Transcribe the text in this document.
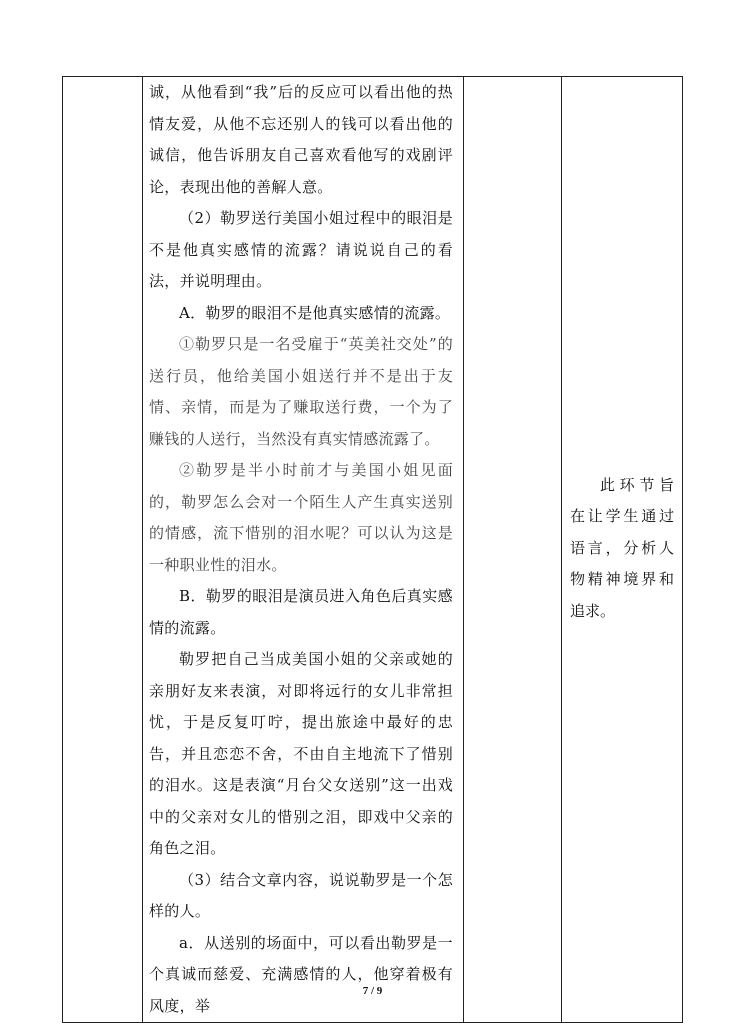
诚，从他看到“我”后的反应可以看出他的热情友爱，从他不忘还别人的钱可以看出他的诚信，他告诉朋友自己喜欢看他写的戏剧评论，表现出他的善解人意。

（2）勒罗送行美国小姐过程中的眼泪是不是他真实感情的流露？请说说自己的看法，并说明理由。

A．勒罗的眼泪不是他真实感情的流露。

①勒罗只是一名受雇于“英美社交处”的送行员，他给美国小姐送行并不是出于友情、亲情，而是为了赚取送行费，一个为了赚钱的人送行，当然没有真实情感流露了。

②勒罗是半小时前才与美国小姐见面的，勒罗怎么会对一个陌生人产生真实送别的情感，流下惜别的泪水呢？可以认为这是一种职业性的泪水。

B．勒罗的眼泪是演员进入角色后真实感情的流露。

勒罗把自己当成美国小姐的父亲或她的亲朋好友来表演，对即将远行的女儿非常担忧，于是反复叮咛，提出旅途中最好的忠告，并且恋恋不舍，不由自主地流下了惜别的泪水。这是表演“月台父女送别”这一出戏中的父亲对女儿的惜别之泪，即戏中父亲的角色之泪。

（3）结合文章内容，说说勒罗是一个怎样的人。

a．从送别的场面中，可以看出勒罗是一个真诚而慈爱、充满感情的人，他穿着极有风度，举

此环节旨在让学生通过语言，分析人物精神境界和追求。

7 / 9
